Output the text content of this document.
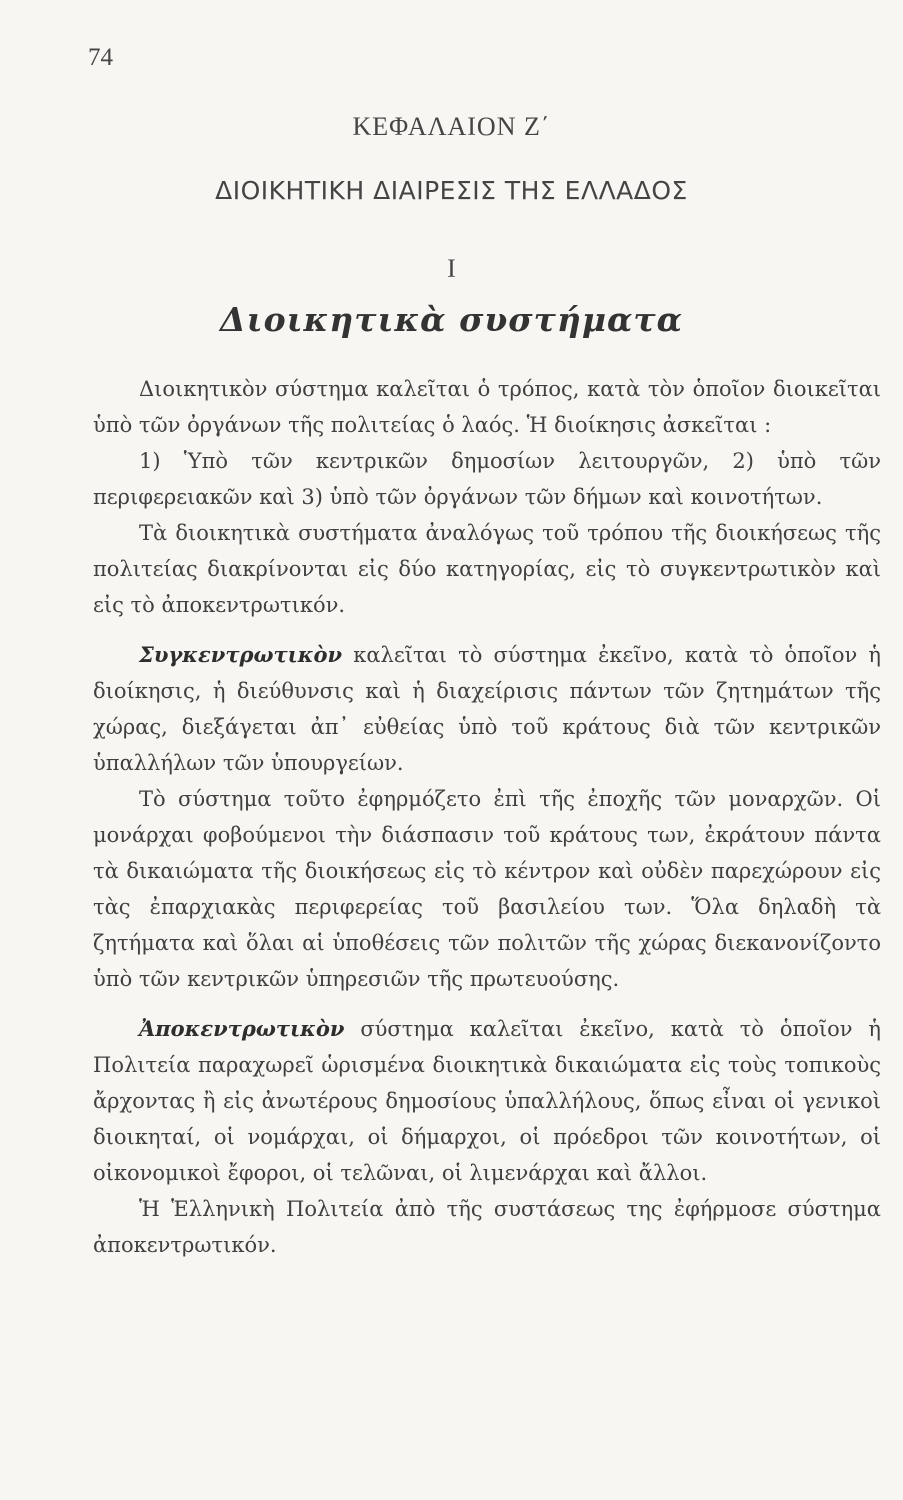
74
ΚΕΦΑΛΑΙΟΝ Ζ΄
ΔΙΟΙΚΗΤΙΚΗ ΔΙΑΙΡΕΣΙΣ ΤΗΣ ΕΛΛΑΔΟΣ
Ι
Διοικητικὰ συστήματα

Διοικητικὸν σύστημα καλεῖται ὁ τρόπος, κατὰ τὸν ὁποῖον διοικεῖται ὑπὸ τῶν ὀργάνων τῆς πολιτείας ὁ λαός. Ἡ διοίκησις ἀσκεῖται :

1) Ὑπὸ τῶν κεντρικῶν δημοσίων λειτουργῶν, 2) ὑπὸ τῶν περιφερειακῶν καὶ 3) ὑπὸ τῶν ὀργάνων τῶν δήμων καὶ κοινοτήτων.

Τὰ διοικητικὰ συστήματα ἀναλόγως τοῦ τρόπου τῆς διοικήσεως τῆς πολιτείας διακρίνονται εἰς δύο κατηγορίας, εἰς τὸ συγκεντρωτικὸν καὶ εἰς τὸ ἀποκεντρωτικόν.

Συγκεντρωτικὸν καλεῖται τὸ σύστημα ἐκεῖνο, κατὰ τὸ ὁποῖον ἡ διοίκησις, ἡ διεύθυνσις καὶ ἡ διαχείρισις πάντων τῶν ζητημάτων τῆς χώρας, διεξάγεται ἀπ᾿ εὐθείας ὑπὸ τοῦ κράτους διὰ τῶν κεντρικῶν ὑπαλλήλων τῶν ὑπουργείων.

Τὸ σύστημα τοῦτο ἐφηρμόζετο ἐπὶ τῆς ἐποχῆς τῶν μοναρχῶν. Οἱ μονάρχαι φοβούμενοι τὴν διάσπασιν τοῦ κράτους των, ἐκράτουν πάντα τὰ δικαιώματα τῆς διοικήσεως εἰς τὸ κέντρον καὶ οὐδὲν παρεχώρουν εἰς τὰς ἐπαρχιακὰς περιφερείας τοῦ βασιλείου των. Ὅλα δηλαδὴ τὰ ζητήματα καὶ ὅλαι αἱ ὑποθέσεις τῶν πολιτῶν τῆς χώρας διεκανονίζοντο ὑπὸ τῶν κεντρικῶν ὑπηρεσιῶν τῆς πρωτευούσης.

Ἀποκεντρωτικὸν σύστημα καλεῖται ἐκεῖνο, κατὰ τὸ ὁποῖον ἡ Πολιτεία παραχωρεῖ ὡρισμένα διοικητικὰ δικαιώματα εἰς τοὺς τοπικοὺς ἄρχοντας ἢ εἰς ἀνωτέρους δημοσίους ὑπαλλήλους, ὅπως εἶναι οἱ γενικοὶ διοικηταί, οἱ νομάρχαι, οἱ δήμαρχοι, οἱ πρόεδροι τῶν κοινοτήτων, οἱ οἰκονομικοὶ ἔφοροι, οἱ τελῶναι, οἱ λιμενάρχαι καὶ ἄλλοι.

Ἡ Ἑλληνικὴ Πολιτεία ἀπὸ τῆς συστάσεως της ἐφήρμοσε σύστημα ἀποκεντρωτικόν.
